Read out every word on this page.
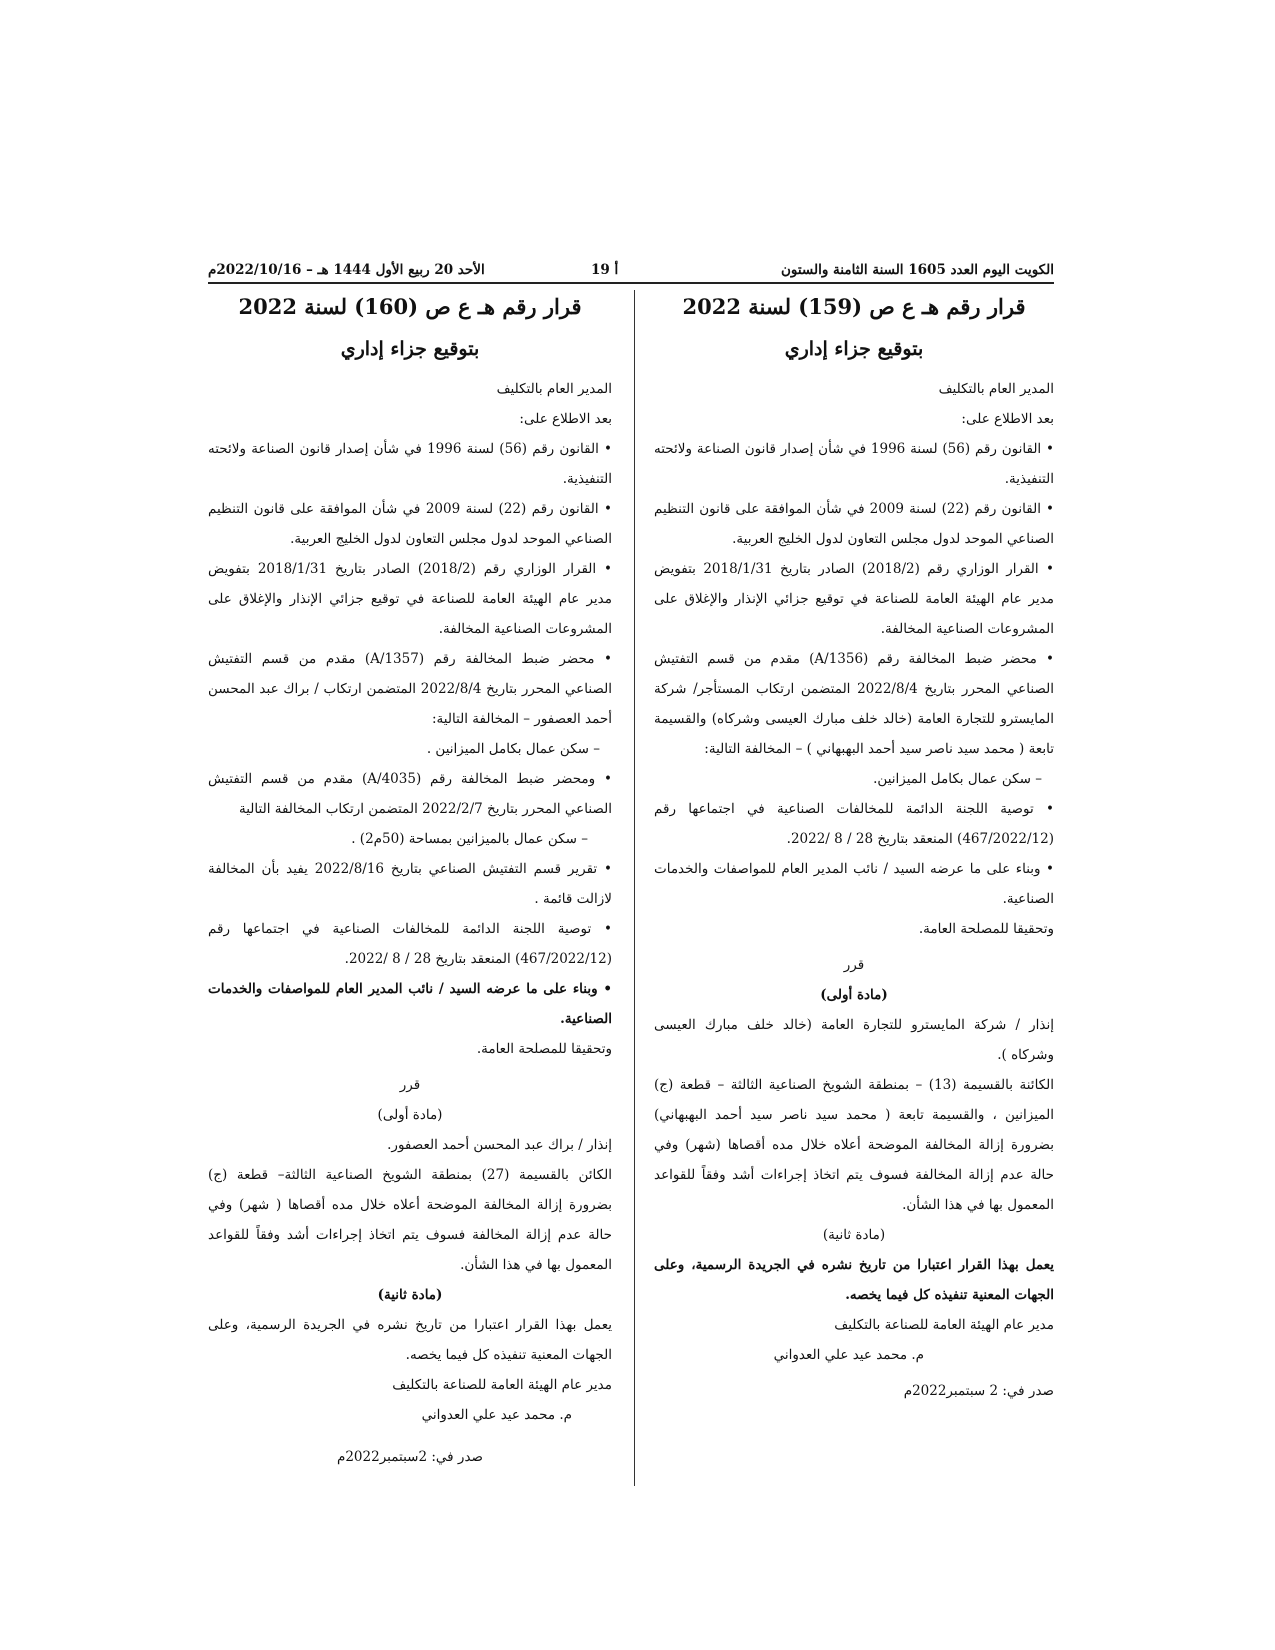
الكويت اليوم العدد 1605 السنة الثامنة والستون
أ 19
الأحد 20 ربيع الأول 1444 هـ – 2022/10/16م

قرار رقم هـ ع ص (159) لسنة 2022

بتوقيع جزاء إداري

المدير العام بالتكليف

بعد الاطلاع على:

• القانون رقم (56) لسنة 1996 في شأن إصدار قانون الصناعة ولائحته التنفيذية.

• القانون رقم (22) لسنة 2009 في شأن الموافقة على قانون التنظيم الصناعي الموحد لدول مجلس التعاون لدول الخليج العربية.

• القرار الوزاري رقم (2018/2) الصادر بتاريخ 2018/1/31 بتفويض مدير عام الهيئة العامة للصناعة في توقيع جزائي الإنذار والإغلاق على المشروعات الصناعية المخالفة.

• محضر ضبط المخالفة رقم (A/1356) مقدم من قسم التفتيش الصناعي المحرر بتاريخ 2022/8/4 المتضمن ارتكاب المستأجر/ شركة المايسترو للتجارة العامة (خالد خلف مبارك العيسى وشركاه) والقسيمة تابعة ( محمد سيد ناصر سيد أحمد البهبهاني ) – المخالفة التالية:

– سكن عمال بكامل الميزانين.

• توصية اللجنة الدائمة للمخالفات الصناعية في اجتماعها رقم (467/2022/12) المنعقد بتاريخ 28 / 8 /2022.

• وبناء على ما عرضه السيد / نائب المدير العام للمواصفات والخدمات الصناعية.

وتحقيقا للمصلحة العامة.

قرر

(مادة أولى)

إنذار / شركة المايسترو للتجارة العامة (خالد خلف مبارك العيسى وشركاه ).

الكائنة بالقسيمة (13) – بمنطقة الشويخ الصناعية الثالثة – قطعة (ج) الميزانين ، والقسيمة تابعة ( محمد سيد ناصر سيد أحمد البهبهاني) بضرورة إزالة المخالفة الموضحة أعلاه خلال مده أقصاها (شهر) وفي حالة عدم إزالة المخالفة فسوف يتم اتخاذ إجراءات أشد وفقاً للقواعد المعمول بها في هذا الشأن.

(مادة ثانية)

يعمل بهذا القرار اعتبارا من تاريخ نشره في الجريدة الرسمية، وعلى الجهات المعنية تنفيذه كل فيما يخصه.

مدير عام الهيئة العامة للصناعة بالتكليف

م. محمد عيد علي العدواني

صدر في: 2 سبتمبر2022م

قرار رقم هـ ع ص (160) لسنة 2022

بتوقيع جزاء إداري

المدير العام بالتكليف

بعد الاطلاع على:

• القانون رقم (56) لسنة 1996 في شأن إصدار قانون الصناعة ولائحته التنفيذية.

• القانون رقم (22) لسنة 2009 في شأن الموافقة على قانون التنظيم الصناعي الموحد لدول مجلس التعاون لدول الخليج العربية.

• القرار الوزاري رقم (2018/2) الصادر بتاريخ 2018/1/31 بتفويض مدير عام الهيئة العامة للصناعة في توقيع جزائي الإنذار والإغلاق على المشروعات الصناعية المخالفة.

• محضر ضبط المخالفة رقم (A/1357) مقدم من قسم التفتيش الصناعي المحرر بتاريخ 2022/8/4 المتضمن ارتكاب / براك عبد المحسن أحمد العصفور – المخالفة التالية:

– سكن عمال بكامل الميزانين .

• ومحضر ضبط المخالفة رقم (4035/A) مقدم من قسم التفتيش الصناعي المحرر بتاريخ 2022/2/7 المتضمن ارتكاب المخالفة التالية

– سكن عمال بالميزانين بمساحة (50م2) .

• تقرير قسم التفتيش الصناعي بتاريخ 2022/8/16 يفيد بأن المخالفة لازالت قائمة .

• توصية اللجنة الدائمة للمخالفات الصناعية في اجتماعها رقم (467/2022/12) المنعقد بتاريخ 28 / 8 /2022.

• وبناء على ما عرضه السيد / نائب المدير العام للمواصفات والخدمات الصناعية.

وتحقيقا للمصلحة العامة.

قرر

(مادة أولى)

إنذار / براك عبد المحسن أحمد العصفور.

الكائن بالقسيمة (27) بمنطقة الشويخ الصناعية الثالثة– قطعة (ج) بضرورة إزالة المخالفة الموضحة أعلاه خلال مده أقصاها ( شهر) وفي حالة عدم إزالة المخالفة فسوف يتم اتخاذ إجراءات أشد وفقاً للقواعد المعمول بها في هذا الشأن.

(مادة ثانية)

يعمل بهذا القرار اعتبارا من تاريخ نشره في الجريدة الرسمية، وعلى الجهات المعنية تنفيذه كل فيما يخصه.

مدير عام الهيئة العامة للصناعة بالتكليف

م. محمد عيد علي العدواني

صدر في: 2سبتمبر2022م
